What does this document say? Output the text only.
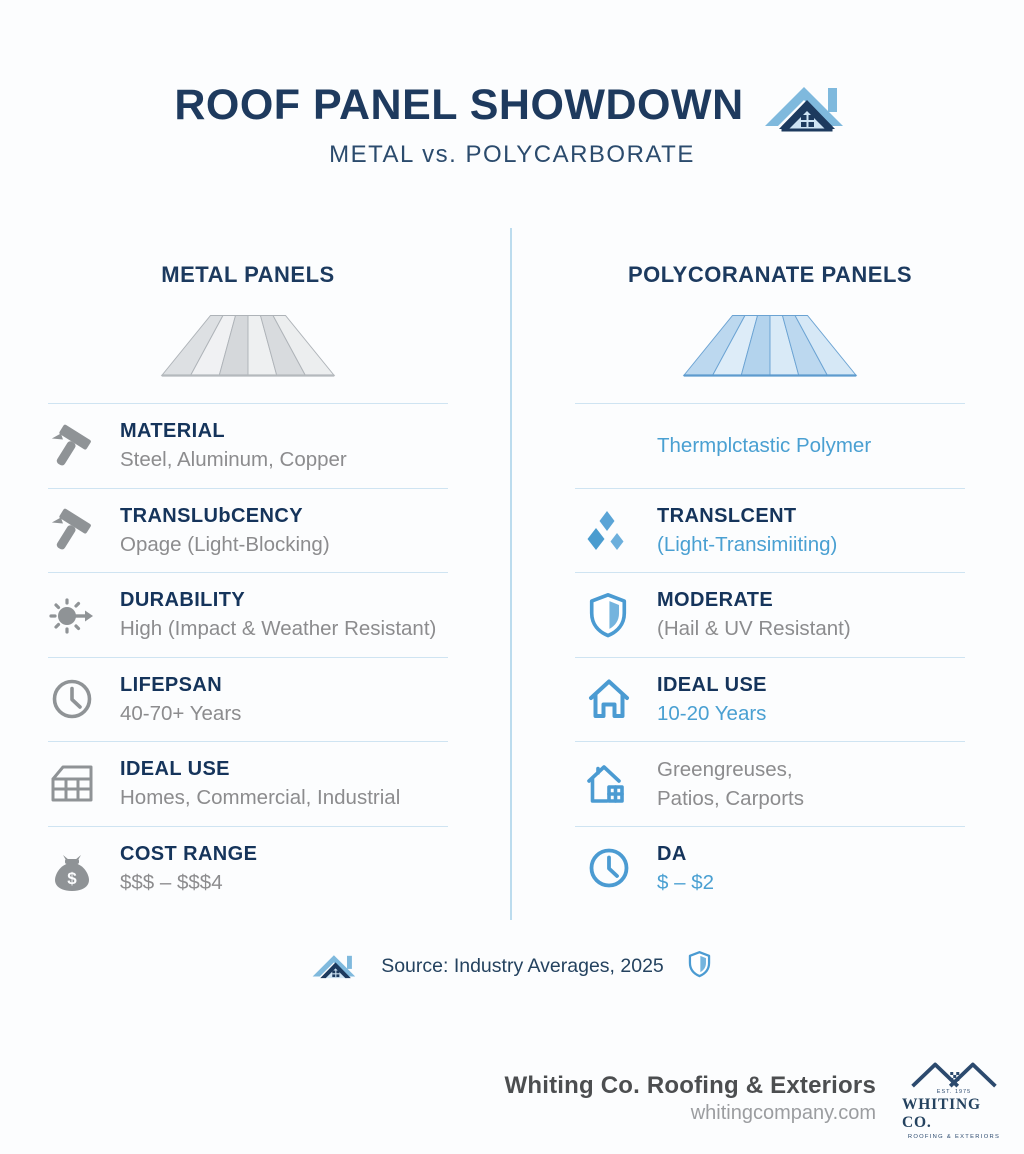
ROOF PANEL SHOWDOWN
METAL vs. POLYCARBORATE
METAL PANELS	POLYCORANATE PANELS
MATERIAL
Steel, Aluminum, Copper
TRANSLUbCENCY
Opage (Light-Blocking)
DURABILITY
High (Impact & Weather Resistant)
LIFEPSAN
40-70+ Years
IDEAL USE
Homes, Commercial, Industrial
$
COST RANGE
$$$ – $$$4
Thermplctastic Polymer
TRANSLCENT
(Light-Transimiiting)
MODERATE
(Hail & UV Resistant)
IDEAL USE
10-20 Years
Greengreuses,
Patios, Carports
DA
$ – $2
Source: Industry Averages, 2025
Whiting Co. Roofing & Exteriors
whitingcompany.com
EST. 1975
WHITING CO.
ROOFING & EXTERIORS
